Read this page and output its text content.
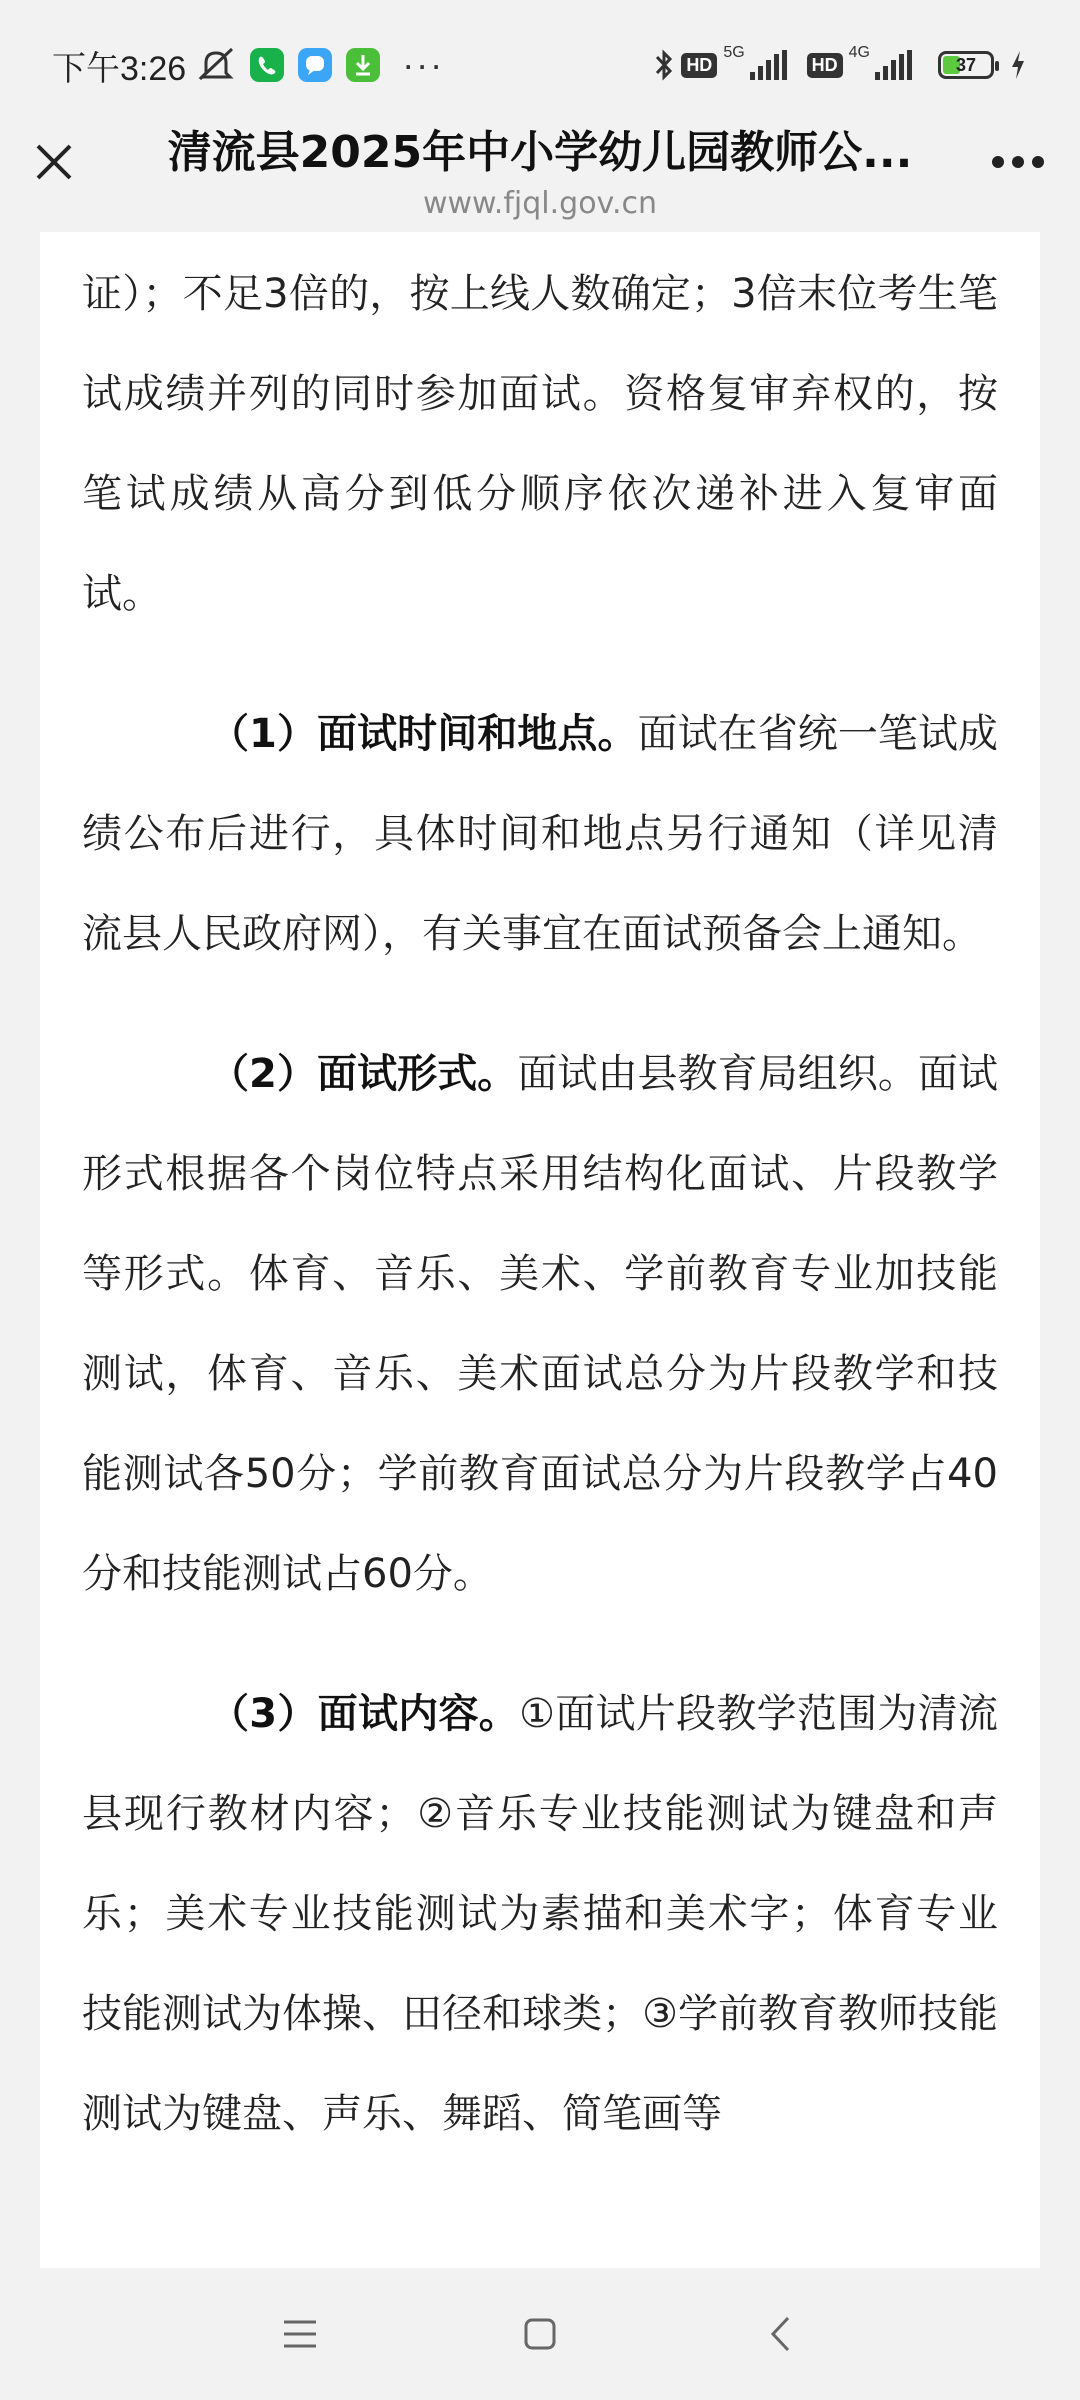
下午3:26	···	HD
5G
HD
4G
37
清流县2025年中小学幼儿园教师公...
www.fjql.gov.cn

证）；不足3倍的，按上线人数确定；3倍末位考生笔试成绩并列的同时参加面试。资格复审弃权的，按笔试成绩从高分到低分顺序依次递补进入复审面试。

（1）面试时间和地点。面试在省统一笔试成绩公布后进行，具体时间和地点另行通知（详见清流县人民政府网），有关事宜在面试预备会上通知。

（2）面试形式。面试由县教育局组织。面试形式根据各个岗位特点采用结构化面试、片段教学等形式。体育、音乐、美术、学前教育专业加技能测试，体育、音乐、美术面试总分为片段教学和技能测试各50分；学前教育面试总分为片段教学占40分和技能测试占60分。

（3）面试内容。①面试片段教学范围为清流县现行教材内容；②音乐专业技能测试为键盘和声乐；美术专业技能测试为素描和美术字；体育专业技能测试为体操、田径和球类；③学前教育教师技能测试为键盘、声乐、舞蹈、简笔画等
